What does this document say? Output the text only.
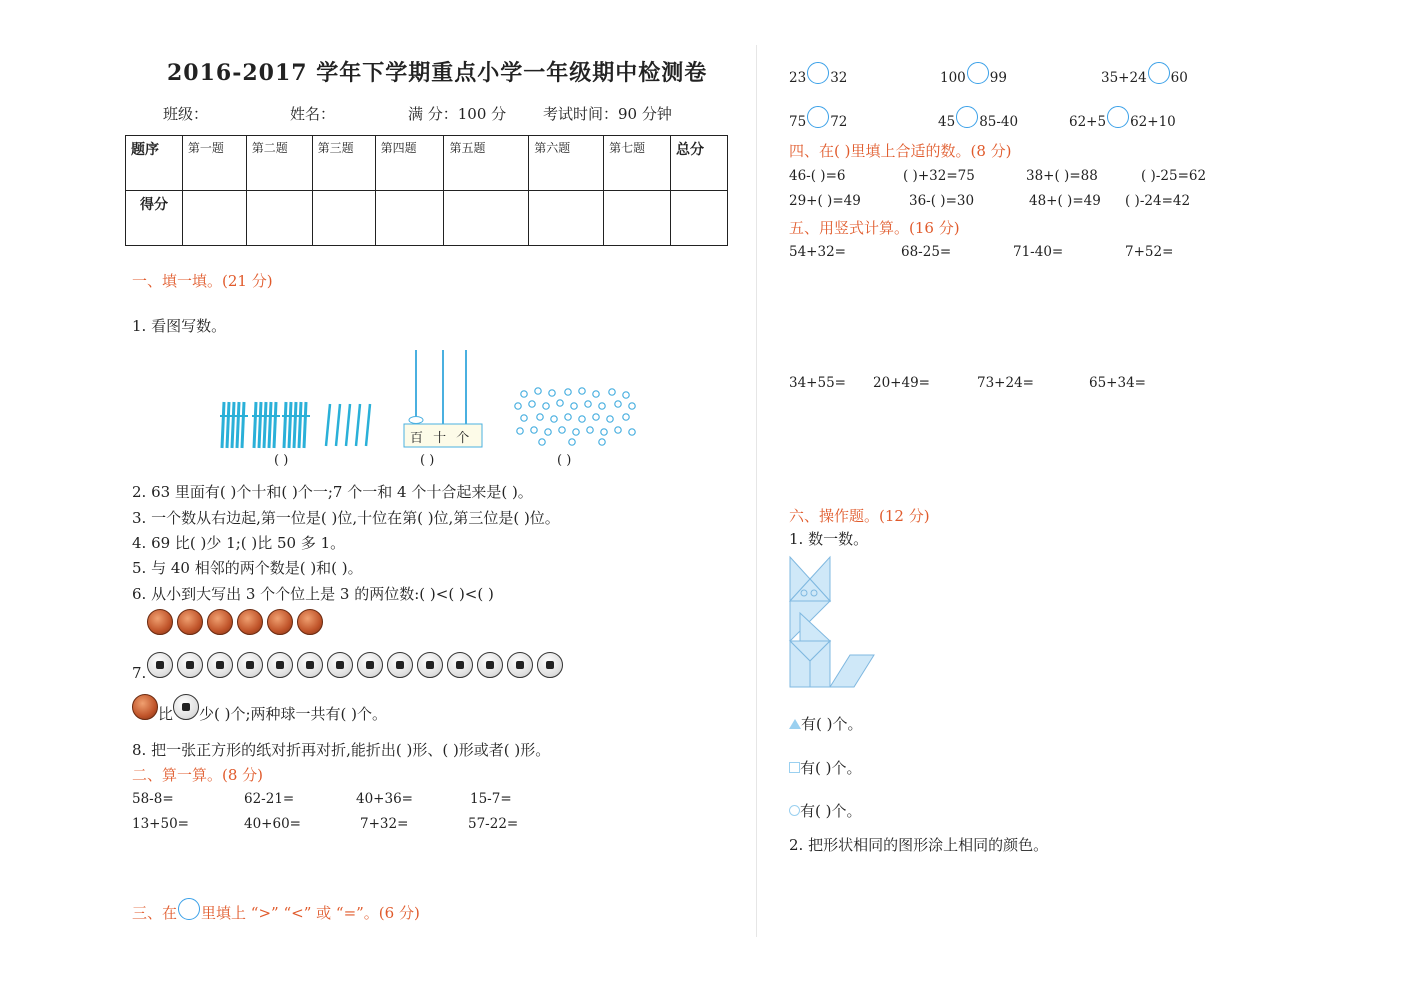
2016-2017 学年下学期重点小学一年级期中检测卷
班级：	姓名：	满 分：100 分 考试时间：90 分钟
题序	第一题	第二题	第三题	第四题	第五题	第六题	第七题	总分
得分								
一、填一填。(21 分)
1. 看图写数。
( )
百 十 个
( )	( )
2. 63 里面有( )个十和( )个一;7 个一和 4 个十合起来是( )。
3. 一个数从右边起,第一位是( )位,十位在第( )位,第三位是( )位。
4. 69 比( )少 1;( )比 50 多 1。
5. 与 40 相邻的两个数是( )和( )。
6. 从小到大写出 3 个个位上是 3 的两位数:( )<( )<( )
7.
比 少( )个;两种球一共有( )个。
8. 把一张正方形的纸对折再对折,能折出( )形、( )形或者( )形。
二、算一算。(8 分)
58-8=	62-21=	40+36=	15-7=
13+50=	40+60=	7+32=	57-22=
三、在 里填上 “>” “<” 或 “=”。(6 分)
23 32	100 99	35+24 60
75 72	45 85-40	62+5 62+10
四、在( )里填上合适的数。(8 分)
46-( )=6	( )+32=75	38+( )=88	( )-25=62
29+( )=49	36-( )=30	48+( )=49 ( )-24=42
五、用竖式计算。(16 分)
54+32=	68-25=	71-40=	7+52=
34+55= 20+49=	73+24=	65+34=
六、操作题。(12 分)
1. 数一数。
有( )个。
有( )个。
有( )个。
2. 把形状相同的图形涂上相同的颜色。
